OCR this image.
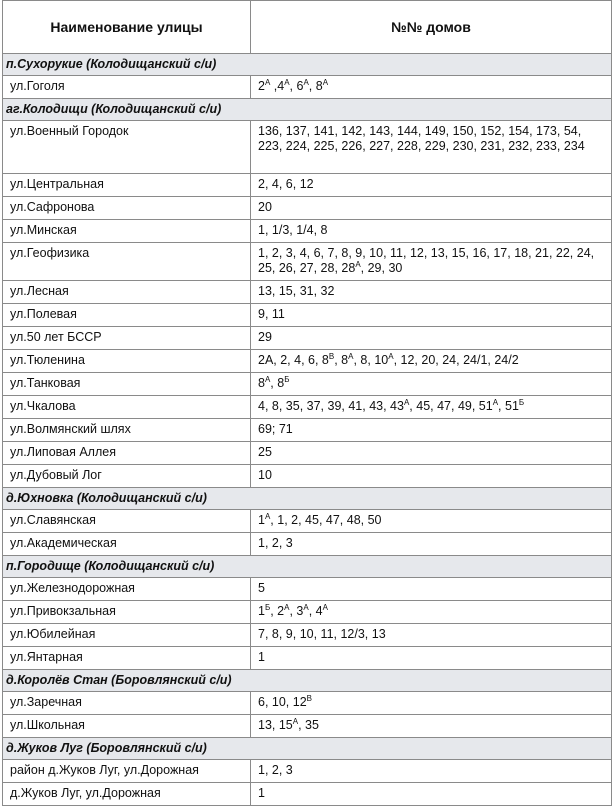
Наименование улицы	№№ домов
п.Сухорукие (Колодищанский с/и)	
ул.Гоголя	$2^А$ $,4^А$, $6^А$, $8^А$
аг.Колодищи (Колодищанский с/и)	
ул.Военный Городок	136, 137, 141, 142, 143, 144, 149, 150, 152, 154, 173, 54, 223, 224, 225, 226, 227, 228, 229, 230, 231, 232, 233, 234
ул.Центральная	2, 4, 6, 12
ул.Сафронова	20
ул.Минская	1, 1/3, 1/4, 8
ул.Геофизика	1, 2, 3, 4, 6, 7, 8, 9, 10, 11, 12, 13, 15, 16, 17, 18, 21, 22, 24, 25, 26, 27, 28, $28^А$, 29, 30
ул.Лесная	13, 15, 31, 32
ул.Полевая	9, 11
ул.50 лет БССР	29
ул.Тюленина	2А, 2, 4, 6, $8^В$, $8^А$, 8, $10^А$, 12, 20, 24, 24/1, 24/2
ул.Танковая	$8^А$, $8^Б$
ул.Чкалова	4, 8, 35, 37, 39, 41, 43, $43^А$, 45, 47, 49, $51^А$, $51^Б$
ул.Волмянский шлях	69; 71
ул.Липовая Аллея	25
ул.Дубовый Лог	10
д.Юхновка (Колодищанский с/и)	
ул.Славянская	$1^А$, 1, 2, 45, 47, 48, 50
ул.Академическая	1, 2, 3
п.Городище (Колодищанский с/и)	
ул.Железнодорожная	5
ул.Привокзальная	$1^Б$, $2^А$, $3^А$, $4^А$
ул.Юбилейная	7, 8, 9, 10, 11, 12/3, 13
ул.Янтарная	1
д.Королёв Стан (Боровлянский с/и)	
ул.Заречная	6, 10, $12^В$
ул.Школьная	13, $15^А$, 35
д.Жуков Луг (Боровлянский с/и)	
район д.Жуков Луг, ул.Дорожная	1, 2, 3
д.Жуков Луг, ул.Дорожная	1
